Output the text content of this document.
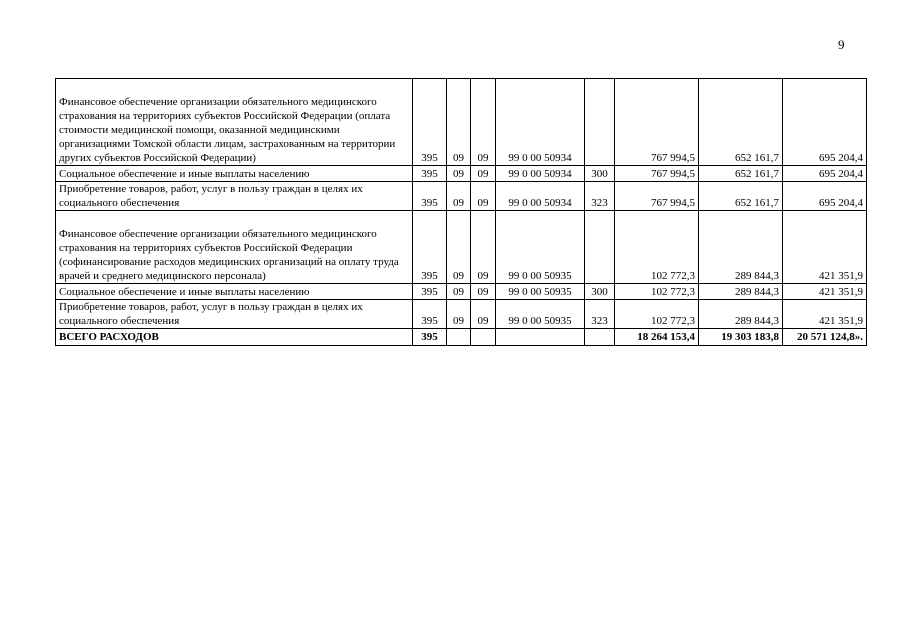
9
Финансовое обеспечение организации обязательного медицинского страхования на территориях субъектов Российской Федерации (оплата стоимости медицинской помощи, оказанной медицинскими организациями Томской области лицам, застрахованным на территории других субъектов Российской Федерации)	395	09	09	99 0 00 50934		767 994,5	652 161,7	695 204,4
Социальное обеспечение и иные выплаты населению	395	09	09	99 0 00 50934	300	767 994,5	652 161,7	695 204,4
Приобретение товаров, работ, услуг в пользу граждан в целях их социального обеспечения	395	09	09	99 0 00 50934	323	767 994,5	652 161,7	695 204,4
Финансовое обеспечение организации обязательного медицинского страхования на территориях субъектов Российской Федерации (софинансирование расходов медицинских организаций на оплату труда врачей и среднего медицинского персонала)	395	09	09	99 0 00 50935		102 772,3	289 844,3	421 351,9
Социальное обеспечение и иные выплаты населению	395	09	09	99 0 00 50935	300	102 772,3	289 844,3	421 351,9
Приобретение товаров, работ, услуг в пользу граждан в целях их социального обеспечения	395	09	09	99 0 00 50935	323	102 772,3	289 844,3	421 351,9
ВСЕГО РАСХОДОВ	395					18 264 153,4	19 303 183,8	20 571 124,8».
